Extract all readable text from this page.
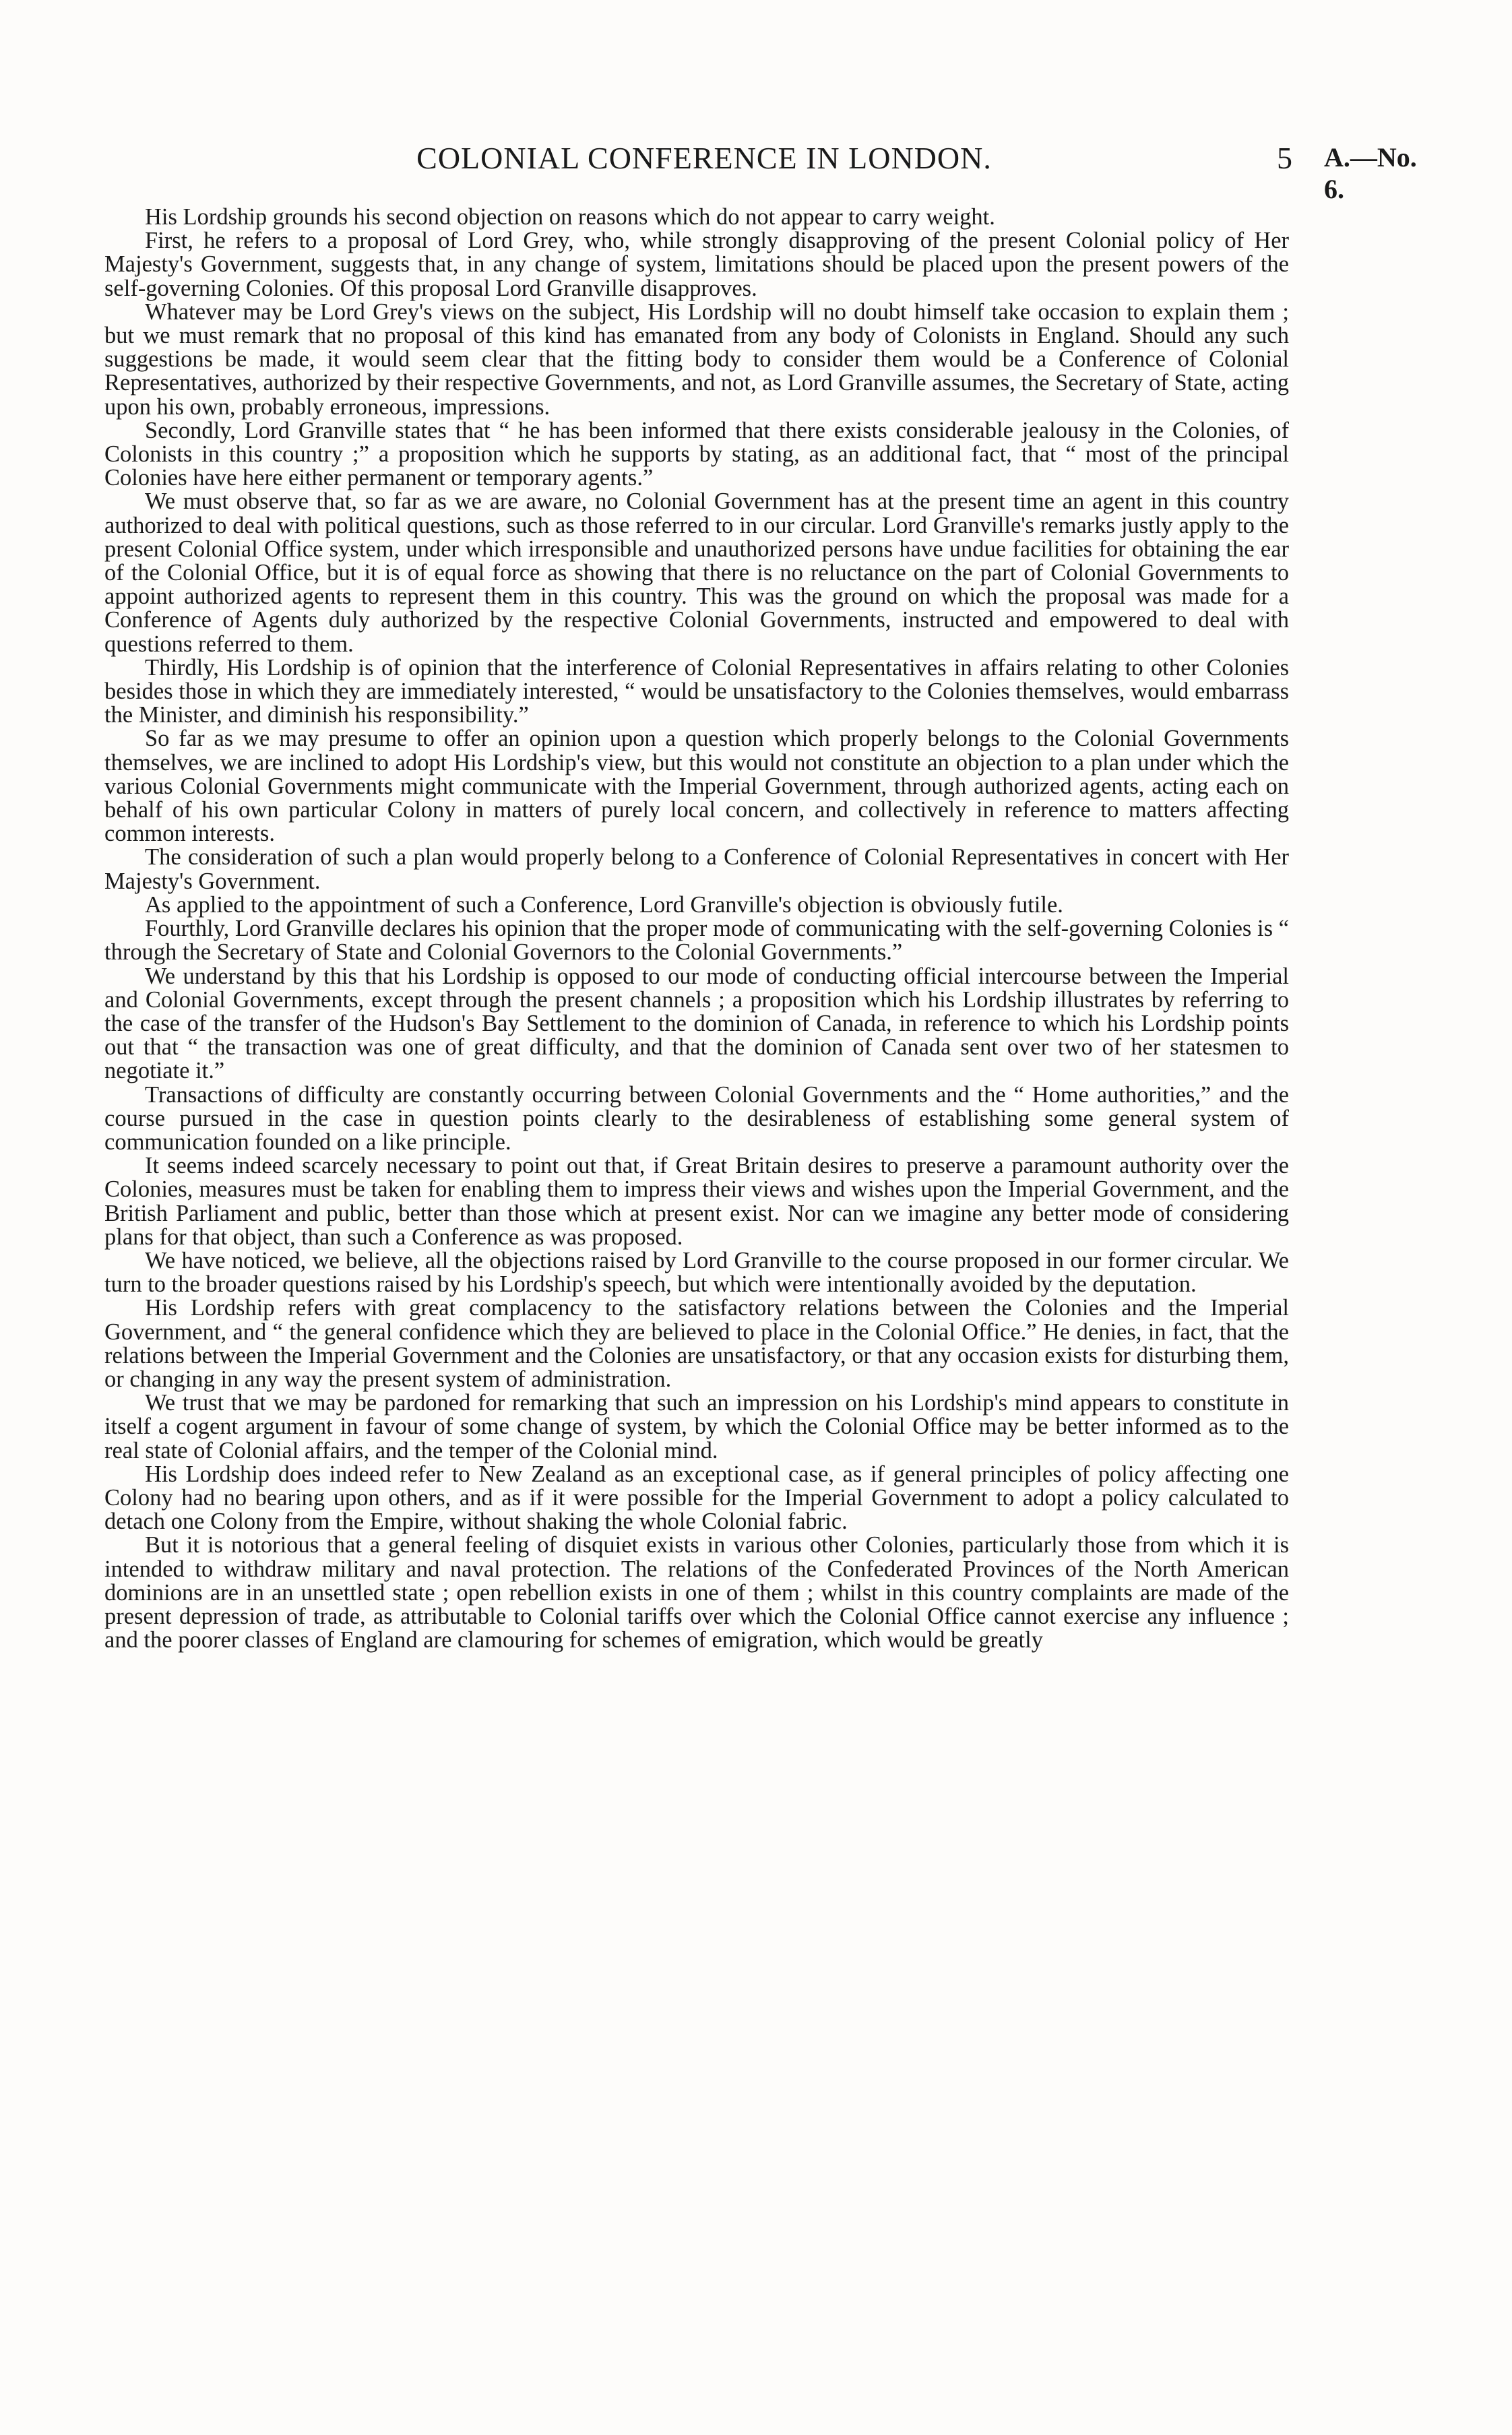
COLONIAL CONFERENCE IN LONDON.	5 A.—No. 6.

His Lordship grounds his second objection on reasons which do not appear to carry weight.

First, he refers to a proposal of Lord Grey, who, while strongly disapproving of the present Colonial policy of Her Majesty's Government, suggests that, in any change of system, limitations should be placed upon the present powers of the self-governing Colonies. Of this proposal Lord Granville disapproves.

Whatever may be Lord Grey's views on the subject, His Lordship will no doubt himself take occasion to explain them ; but we must remark that no proposal of this kind has emanated from any body of Colonists in England. Should any such suggestions be made, it would seem clear that the fitting body to consider them would be a Conference of Colonial Representatives, authorized by their respective Governments, and not, as Lord Granville assumes, the Secretary of State, acting upon his own, probably erroneous, impressions.

Secondly, Lord Granville states that “ he has been informed that there exists considerable jealousy in the Colonies, of Colonists in this country ;” a proposition which he supports by stating, as an additional fact, that “ most of the principal Colonies have here either permanent or temporary agents.”

We must observe that, so far as we are aware, no Colonial Government has at the present time an agent in this country authorized to deal with political questions, such as those referred to in our circular. Lord Granville's remarks justly apply to the present Colonial Office system, under which irresponsible and unauthorized persons have undue facilities for obtaining the ear of the Colonial Office, but it is of equal force as showing that there is no reluctance on the part of Colonial Governments to appoint authorized agents to represent them in this country. This was the ground on which the proposal was made for a Conference of Agents duly authorized by the respective Colonial Governments, instructed and empowered to deal with questions referred to them.

Thirdly, His Lordship is of opinion that the interference of Colonial Representatives in affairs relating to other Colonies besides those in which they are immediately interested, “ would be unsatisfactory to the Colonies themselves, would embarrass the Minister, and diminish his responsibility.”

So far as we may presume to offer an opinion upon a question which properly belongs to the Colonial Governments themselves, we are inclined to adopt His Lordship's view, but this would not constitute an objection to a plan under which the various Colonial Governments might communicate with the Imperial Government, through authorized agents, acting each on behalf of his own particular Colony in matters of purely local concern, and collectively in reference to matters affecting common interests.

The consideration of such a plan would properly belong to a Conference of Colonial Representatives in concert with Her Majesty's Government.

As applied to the appointment of such a Conference, Lord Granville's objection is obviously futile.

Fourthly, Lord Granville declares his opinion that the proper mode of communicating with the self-governing Colonies is “ through the Secretary of State and Colonial Governors to the Colonial Governments.”

We understand by this that his Lordship is opposed to our mode of conducting official intercourse between the Imperial and Colonial Governments, except through the present channels ; a proposition which his Lordship illustrates by referring to the case of the transfer of the Hudson's Bay Settlement to the dominion of Canada, in reference to which his Lordship points out that “ the transaction was one of great difficulty, and that the dominion of Canada sent over two of her statesmen to negotiate it.”

Transactions of difficulty are constantly occurring between Colonial Governments and the “ Home authorities,” and the course pursued in the case in question points clearly to the desirableness of establishing some general system of communication founded on a like principle.

It seems indeed scarcely necessary to point out that, if Great Britain desires to preserve a paramount authority over the Colonies, measures must be taken for enabling them to impress their views and wishes upon the Imperial Government, and the British Parliament and public, better than those which at present exist. Nor can we imagine any better mode of considering plans for that object, than such a Conference as was proposed.

We have noticed, we believe, all the objections raised by Lord Granville to the course proposed in our former circular. We turn to the broader questions raised by his Lordship's speech, but which were intentionally avoided by the deputation.

His Lordship refers with great complacency to the satisfactory relations between the Colonies and the Imperial Government, and “ the general confidence which they are believed to place in the Colonial Office.” He denies, in fact, that the relations between the Imperial Government and the Colonies are unsatisfactory, or that any occasion exists for disturbing them, or changing in any way the present system of administration.

We trust that we may be pardoned for remarking that such an impression on his Lordship's mind appears to constitute in itself a cogent argument in favour of some change of system, by which the Colonial Office may be better informed as to the real state of Colonial affairs, and the temper of the Colonial mind.

His Lordship does indeed refer to New Zealand as an exceptional case, as if general principles of policy affecting one Colony had no bearing upon others, and as if it were possible for the Imperial Government to adopt a policy calculated to detach one Colony from the Empire, without shaking the whole Colonial fabric.

But it is notorious that a general feeling of disquiet exists in various other Colonies, particularly those from which it is intended to withdraw military and naval protection. The relations of the Confederated Provinces of the North American dominions are in an unsettled state ; open rebellion exists in one of them ; whilst in this country complaints are made of the present depression of trade, as attributable to Colonial tariffs over which the Colonial Office cannot exercise any influence ; and the poorer classes of England are clamouring for schemes of emigration, which would be greatly
